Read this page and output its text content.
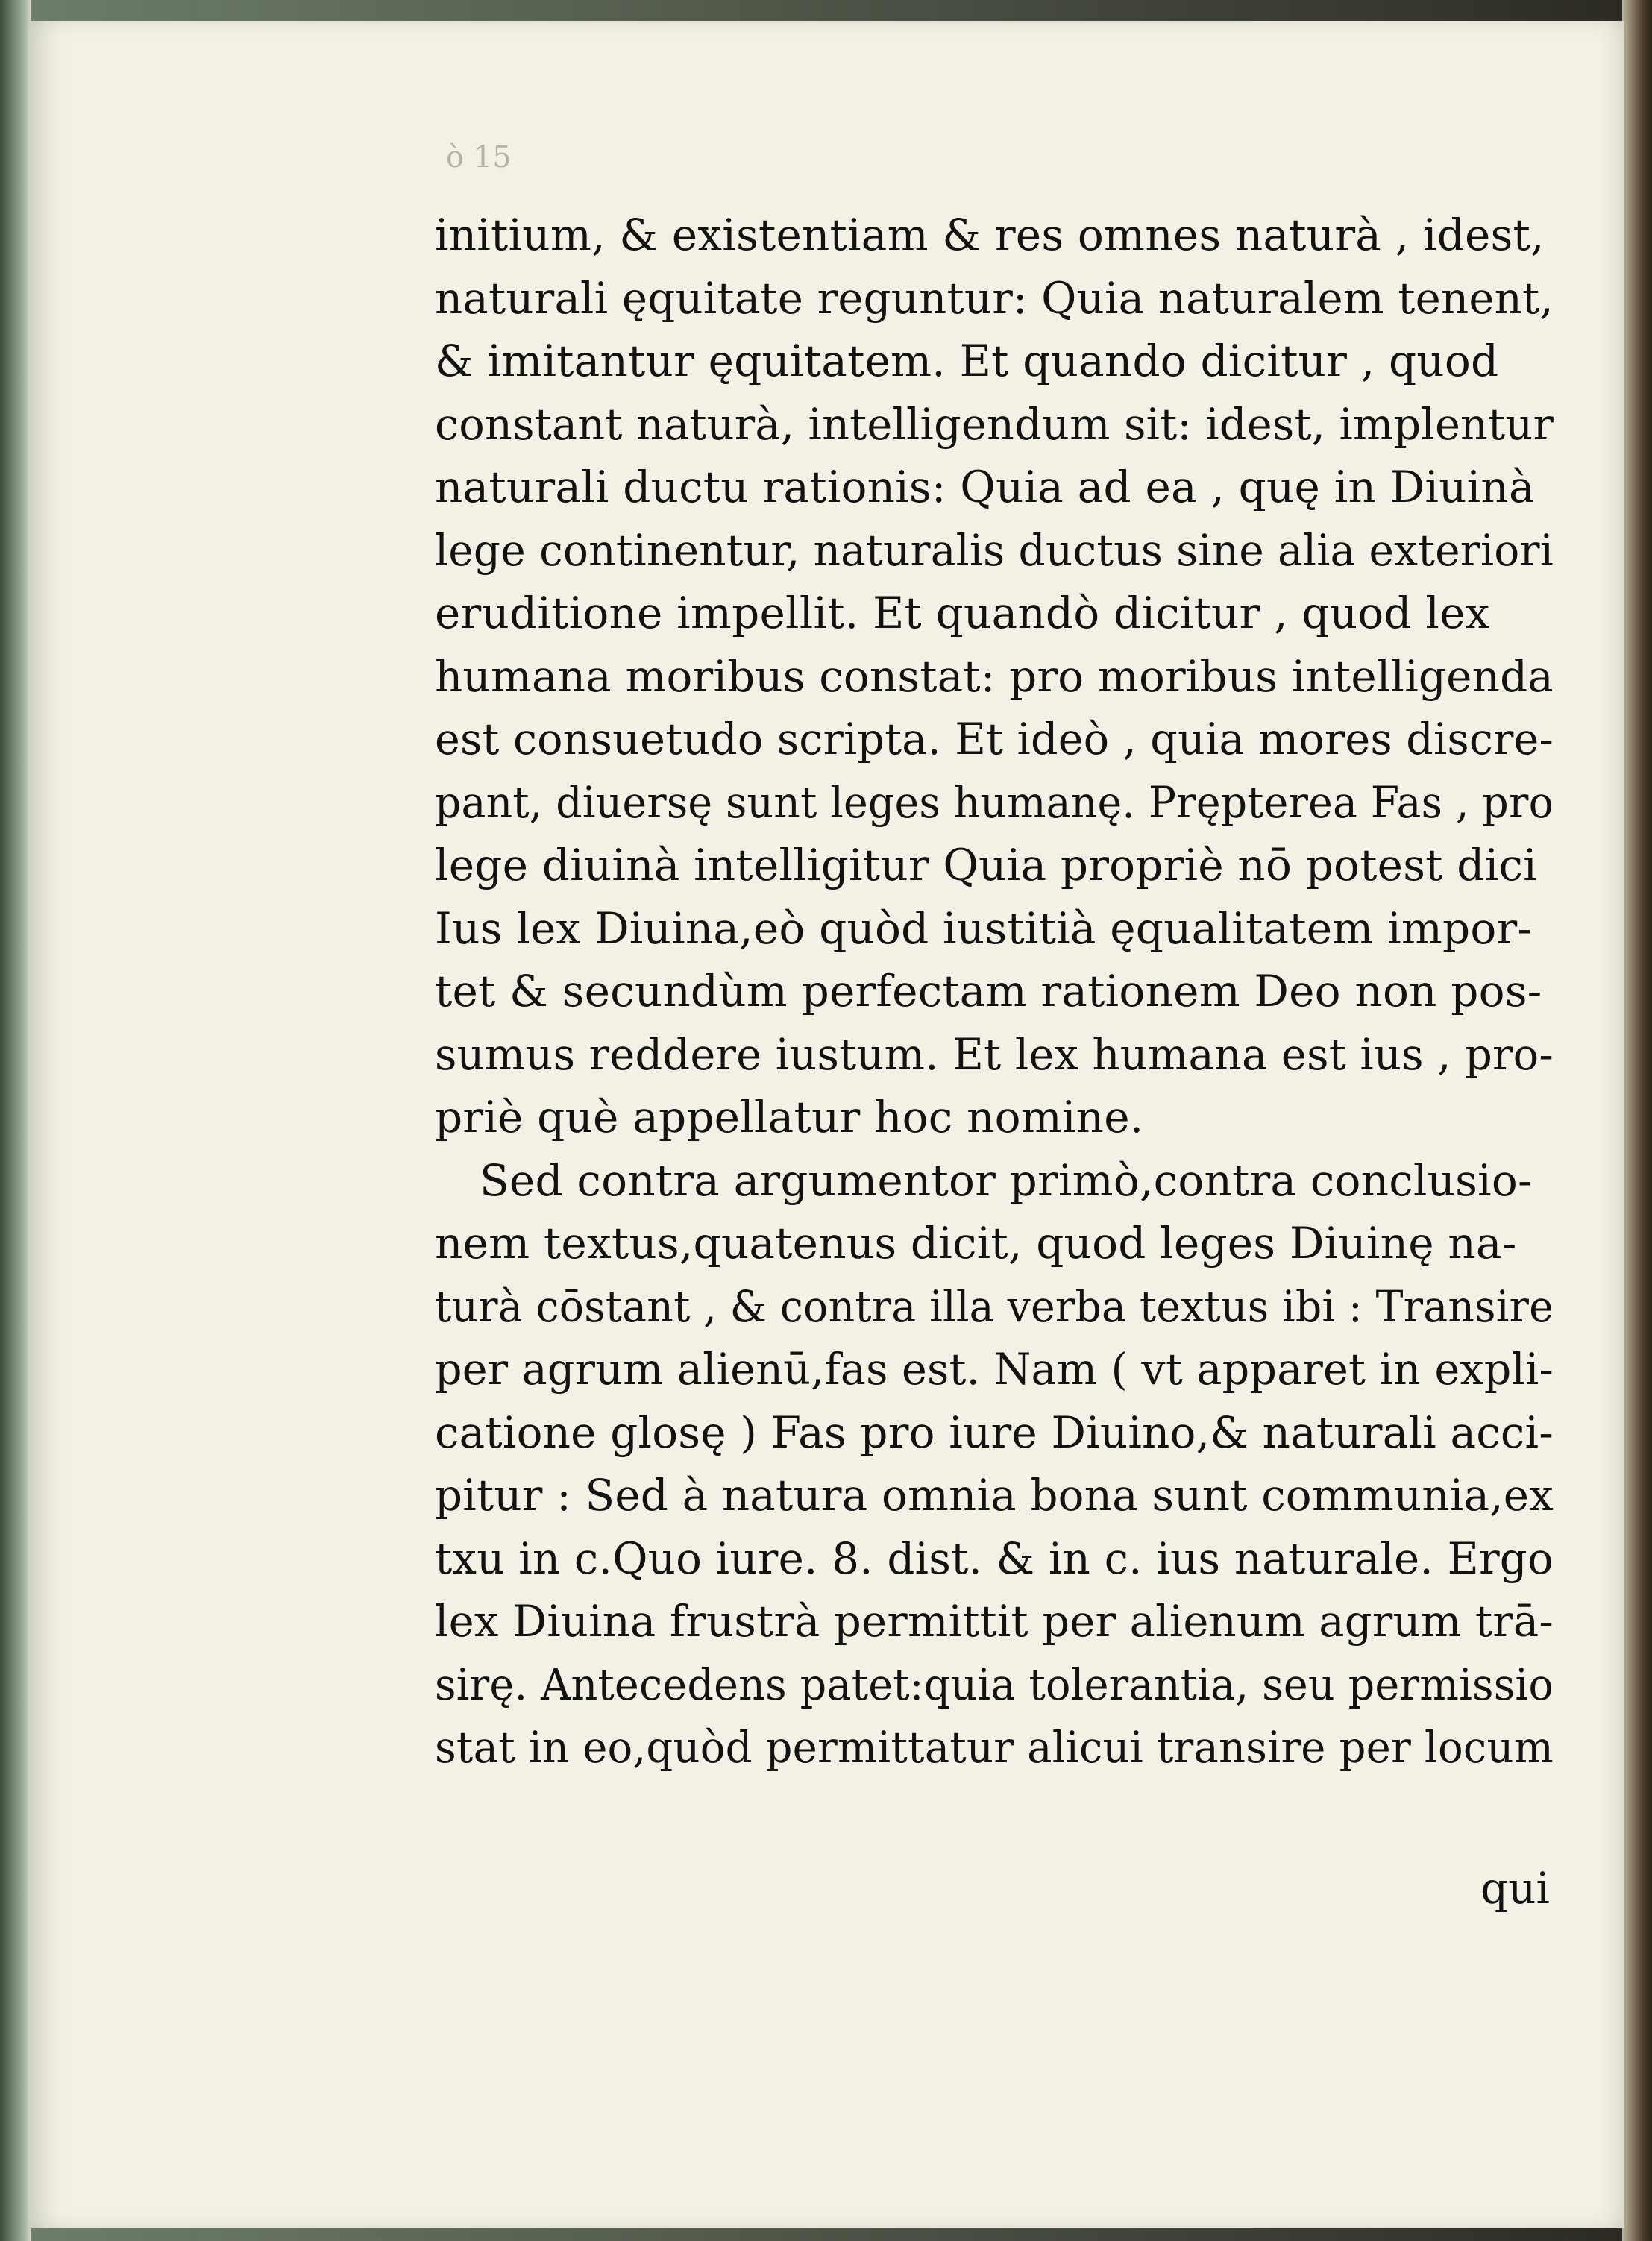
ò 15
initium, & existentiam & res omnes naturà , idest,
naturali ęquitate reguntur: Quia naturalem tenent,
& imitantur ęquitatem. Et quando dicitur , quod
constant naturà, intelligendum sit: idest, implentur
naturali ductu rationis: Quia ad ea , quę in Diuinà
lege continentur, naturalis ductus sine alia exteriori
eruditione impellit. Et quandò dicitur , quod lex
humana moribus constat: pro moribus intelligenda
est consuetudo scripta. Et ideò , quia mores discre-
pant, diuersę sunt leges humanę. Prępterea Fas , pro
lege diuinà intelligitur Quia propriè nō potest dici
Ius lex Diuina,eò quòd iustitià ęqualitatem impor-
tet & secundùm perfectam rationem Deo non pos-
sumus reddere iustum. Et lex humana est ius , pro-
priè què appellatur hoc nomine.
Sed contra argumentor primò,contra conclusio-
nem textus,quatenus dicit, quod leges Diuinę na-
turà cōstant , & contra illa verba textus ibi : Transire
per agrum alienū,fas est. Nam ( vt apparet in expli-
catione glosę ) Fas pro iure Diuino,& naturali acci-
pitur : Sed à natura omnia bona sunt communia,ex
txu in c.Quo iure. 8. dist. & in c. ius naturale. Ergo
lex Diuina frustrà permittit per alienum agrum trā-
sirę. Antecedens patet:quia tolerantia, seu permissio
stat in eo,quòd permittatur alicui transire per locum
qui
